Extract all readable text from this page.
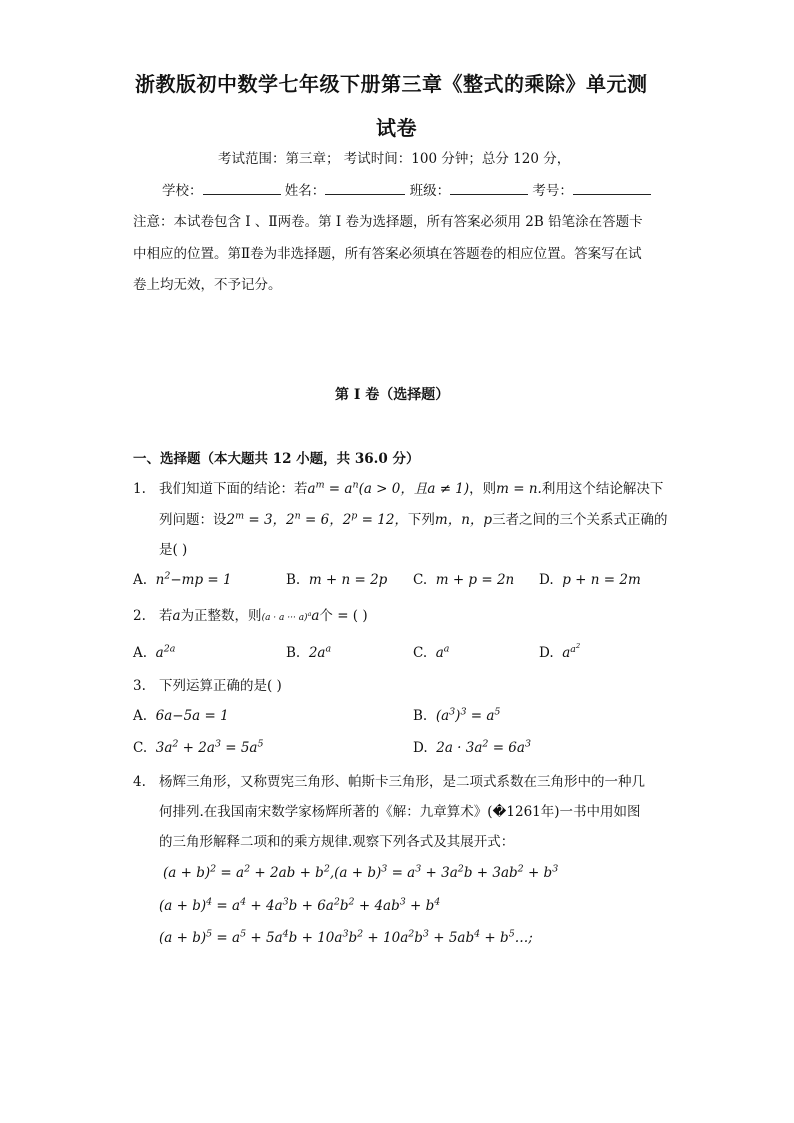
浙教版初中数学七年级下册第三章《整式的乘除》单元测
试卷
考试范围：第三章； 考试时间：100 分钟；总分 120 分，
学校：	姓名：	班级：	考号：
注意：本试卷包含 Ⅰ 、Ⅱ两卷。第 Ⅰ 卷为选择题，所有答案必须用 2B 铅笔涂在答题卡
中相应的位置。第Ⅱ卷为非选择题，所有答案必须填在答题卷的相应位置。答案写在试
卷上均无效，不予记分。
第 I 卷（选择题）
一、选择题（本大题共 12 小题，共 36.0 分）
1. 我们知道下面的结论：若$a^m = a^n(a > 0$，且a ≠ 1)，则m = n.利用这个结论解决下
列问题：设$2^m = 3$，$2^n = 6$，$2^p = 12$，下列m，n，p三者之间的三个关系式正确的
是( )
A. $n^2-mp = 1$	B. m + n = 2p C. m + p = 2n D. p + n = 2m
2. 若a为正整数，则(a · a ··· a)$^a$a个 = ( )
A. $a^{2a}$	B. $2a^a$	C. $a^a$	D. $a^{a^2}$
3. 下列运算正确的是( )
A. 6a−5a = 1	B. $(a^3)^3 = a^5$
C. $3a^2 + 2a^3 = 5a^5$	D. $2a \cdot 3a^2 = 6a^3$
4. 杨辉三角形，又称贾宪三角形、帕斯卡三角形，是二项式系数在三角形中的一种几
何排列.在我国南宋数学家杨辉所著的《解：九章算术》(�1261年)一书中用如图
的三角形解释二项和的乘方规律.观察下列各式及其展开式：
$(a + b)^2 = a^2 + 2ab + b^2,(a + b)^3 = a^3 + 3a^2b + 3ab^2 + b^3$
$(a + b)^4 = a^4 + 4a^3b + 6a^2b^2 + 4ab^3 + b^4$
$(a + b)^5 = a^5 + 5a^4b + 10a^3b^2 + 10a^2b^3 + 5ab^4$ + $b^5\dots$;
